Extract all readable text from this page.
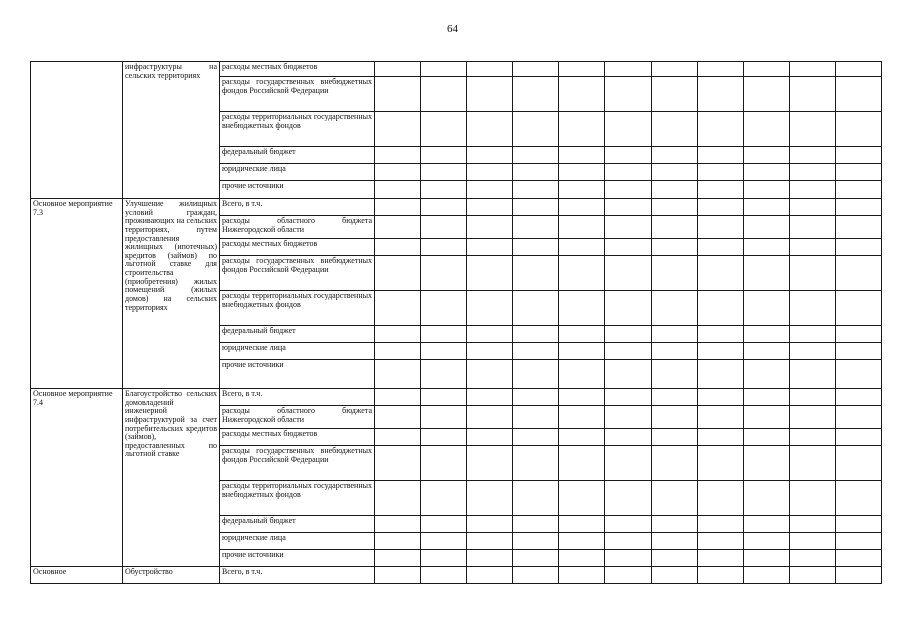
64
	инфраструктуры на сельских территориях	расходы местных бюджетов											
		расходы государственных внебюджетных фондов Российской Федерации											
		расходы территориальных государственных внебюджетных фондов											
		федеральный бюджет											
		юридические лица											
		прочие источники											
Основное мероприятие 7.3	Улучшение жилищных условий граждан, проживающих на сельских территориях, путем предоставления жилищных (ипотечных) кредитов (займов) по льготной ставке для строительства (приобретения) жилых помещений (жилых домов) на сельских территориях	Всего, в т.ч.											
		расходы областного бюджета Нижегородской области											
		расходы местных бюджетов											
		расходы государственных внебюджетных фондов Российской Федерации											
		расходы территориальных государственных внебюджетных фондов											
		федеральный бюджет											
		юридические лица											
		прочие источники											
Основное мероприятие 7.4	Благоустройство сельских домовладений инженерной инфраструктурой за счет потребительских кредитов (займов), предоставленных по льготной ставке	Всего, в т.ч.											
		расходы областного бюджета Нижегородской области											
		расходы местных бюджетов											
		расходы государственных внебюджетных фондов Российской Федерации											
		расходы территориальных государственных внебюджетных фондов											
		федеральный бюджет											
		юридические лица											
		прочие источники											
Основное	Обустройство	Всего, в т.ч.											
